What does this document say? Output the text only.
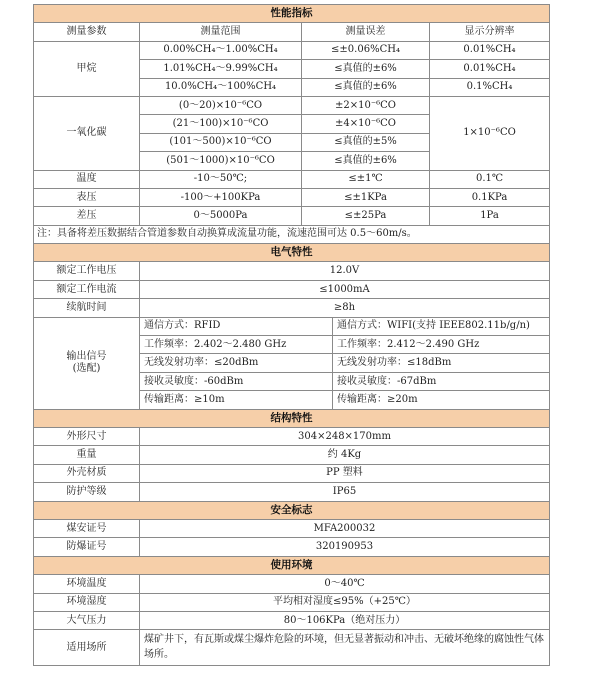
性能指标				
测量参数	测量范围	测量误差		显示分辨率
甲烷	0.00%CH₄～1.00%CH₄	≤±0.06%CH₄		0.01%CH₄
	1.01%CH₄～9.99%CH₄	≤真值的±6%		0.01%CH₄
	10.0%CH₄～100%CH₄	≤真值的±6%		0.1%CH₄
一氧化碳	(0～20)×10⁻⁶CO	±2×10⁻⁶CO		1×10⁻⁶CO
	(21～100)×10⁻⁶CO	±4×10⁻⁶CO		
	(101～500)×10⁻⁶CO	≤真值的±5%		
	(501～1000)×10⁻⁶CO	≤真值的±6%		
温度	-10～50℃;	≤±1℃		0.1℃
表压	-100～+100KPa	≤±1KPa		0.1KPa
差压	0～5000Pa	≤±25Pa		1Pa
注：具备将差压数据结合管道参数自动换算成流量功能，流速范围可达 0.5～60m/s。				
电气特性				
额定工作电压	12.0V			
额定工作电流	≤1000mA			
续航时间	≥8h			

输出信号
(选配)	通信方式：RFID		通信方式：WIFI(支持 IEEE802.11b/g/n)	
	工作频率：2.402～2.480 GHz		工作频率：2.412～2.490 GHz	
	无线发射功率：≤20dBm		无线发射功率：≤18dBm	
	接收灵敏度：-60dBm		接收灵敏度：-67dBm	
	传输距离：≥10m		传输距离：≥20m	
结构特性				
外形尺寸	304×248×170mm			
重量	约 4Kg			
外壳材质	PP 塑料			
防护等级	IP65			
安全标志				
煤安证号	MFA200032			
防爆证号	320190953			
使用环境				
环境温度	0～40℃			
环境湿度	平均相对湿度≤95%（+25℃）			
大气压力	80～106KPa（绝对压力）			
适用场所	煤矿井下，有瓦斯或煤尘爆炸危险的环境，但无显著振动和冲击、无破坏绝缘的腐蚀性气体场所。			
